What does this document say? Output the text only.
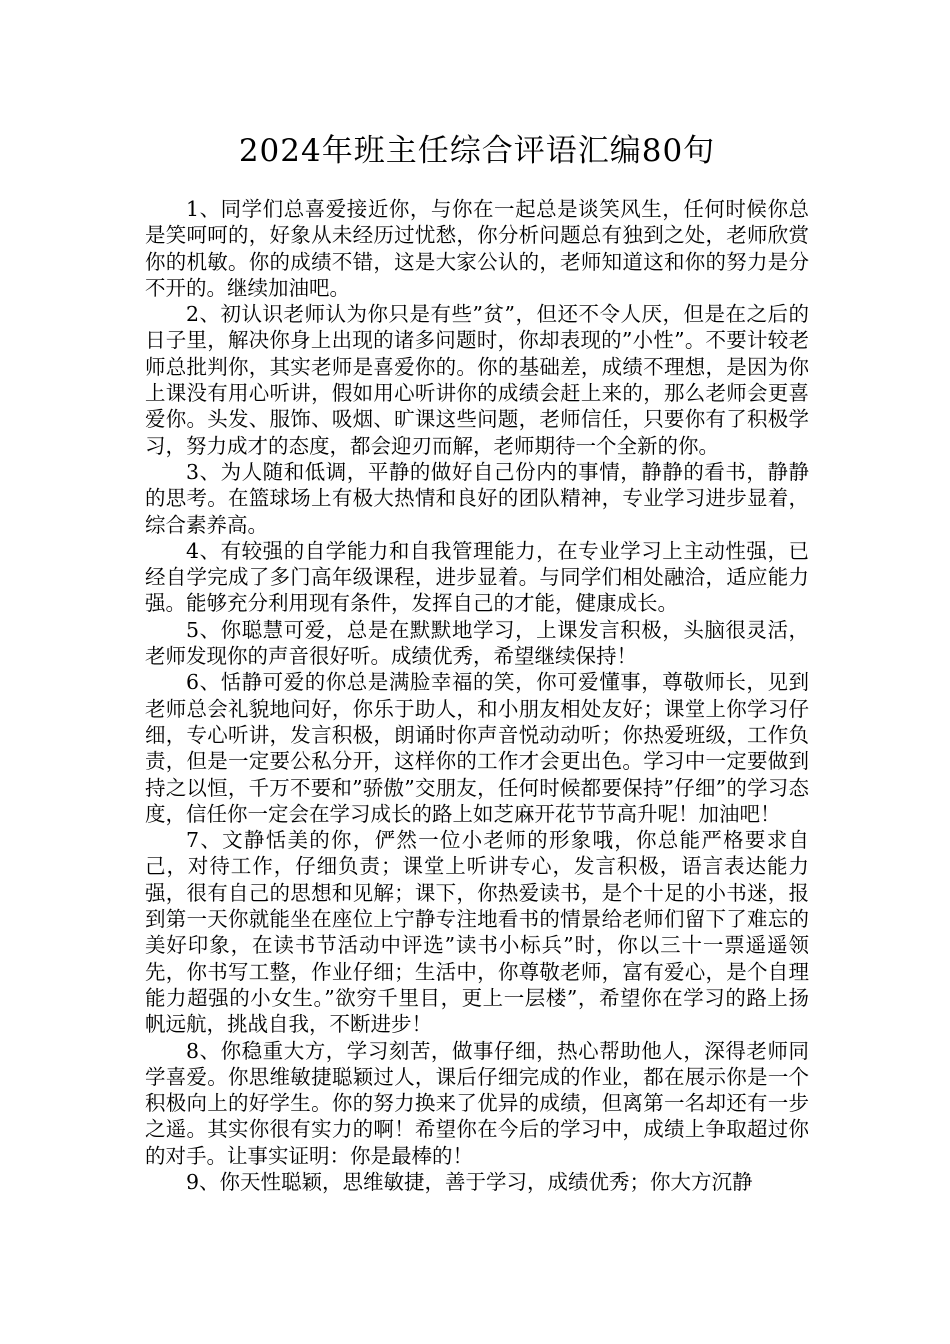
2024年班主任综合评语汇编80句

1、同学们总喜爱接近你，与你在一起总是谈笑风生，任何时候你总是笑呵呵的，好象从未经历过忧愁，你分析问题总有独到之处，老师欣赏你的机敏。你的成绩不错，这是大家公认的，老师知道这和你的努力是分不开的。继续加油吧。

2、初认识老师认为你只是有些”贫”，但还不令人厌，但是在之后的日子里，解决你身上出现的诸多问题时，你却表现的”小性”。不要计较老师总批判你，其实老师是喜爱你的。你的基础差，成绩不理想，是因为你上课没有用心听讲，假如用心听讲你的成绩会赶上来的，那么老师会更喜爱你。头发、服饰、吸烟、旷课这些问题，老师信任，只要你有了积极学习，努力成才的态度，都会迎刃而解，老师期待一个全新的你。

3、为人随和低调，平静的做好自己份内的事情，静静的看书，静静的思考。在篮球场上有极大热情和良好的团队精神，专业学习进步显着，综合素养高。

4、有较强的自学能力和自我管理能力，在专业学习上主动性强，已经自学完成了多门高年级课程，进步显着。与同学们相处融洽，适应能力强。能够充分利用现有条件，发挥自己的才能，健康成长。

5、你聪慧可爱，总是在默默地学习，上课发言积极，头脑很灵活，老师发现你的声音很好听。成绩优秀，希望继续保持！

6、恬静可爱的你总是满脸幸福的笑，你可爱懂事，尊敬师长，见到老师总会礼貌地问好，你乐于助人，和小朋友相处友好；课堂上你学习仔细，专心听讲，发言积极，朗诵时你声音悦动动听；你热爱班级，工作负责，但是一定要公私分开，这样你的工作才会更出色。学习中一定要做到持之以恒，千万不要和”骄傲”交朋友，任何时候都要保持”仔细”的学习态度，信任你一定会在学习成长的路上如芝麻开花节节高升呢！加油吧！

7、文静恬美的你，俨然一位小老师的形象哦，你总能严格要求自己，对待工作，仔细负责；课堂上听讲专心，发言积极，语言表达能力强，很有自己的思想和见解；课下，你热爱读书，是个十足的小书迷，报到第一天你就能坐在座位上宁静专注地看书的情景给老师们留下了难忘的美好印象，在读书节活动中评选”读书小标兵”时，你以三十一票遥遥领先，你书写工整，作业仔细；生活中，你尊敬老师，富有爱心，是个自理能力超强的小女生。”欲穷千里目，更上一层楼”，希望你在学习的路上扬帆远航，挑战自我，不断进步！

8、你稳重大方，学习刻苦，做事仔细，热心帮助他人，深得老师同学喜爱。你思维敏捷聪颖过人，课后仔细完成的作业，都在展示你是一个积极向上的好学生。你的努力换来了优异的成绩，但离第一名却还有一步之遥。其实你很有实力的啊！希望你在今后的学习中，成绩上争取超过你的对手。让事实证明：你是最棒的！

9、你天性聪颖，思维敏捷，善于学习，成绩优秀；你大方沉静
